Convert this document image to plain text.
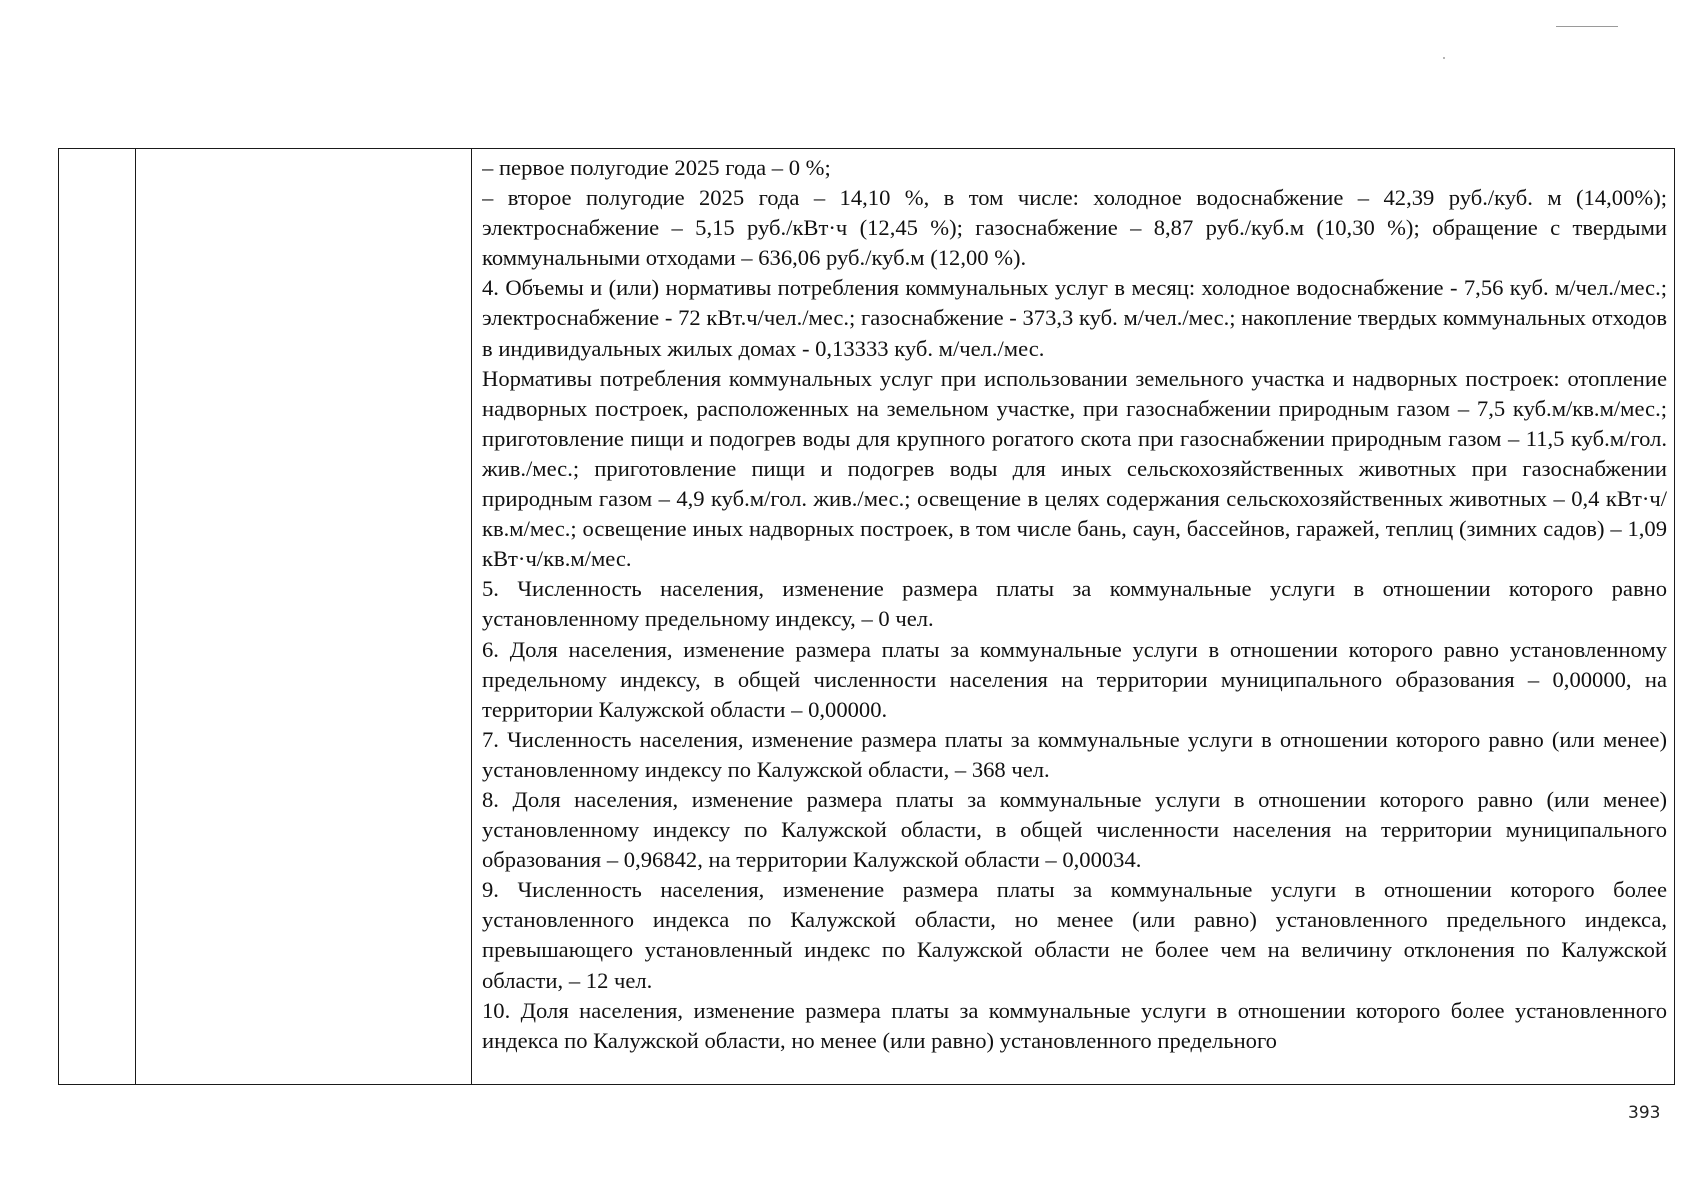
– первое полугодие 2025 года – 0 %;

– второе полугодие 2025 года – 14,10 %, в том числе: холодное водоснабжение – 42,39 руб./куб. м (14,00%); электроснабжение – 5,15 руб./кВт·ч (12,45 %); газоснабжение – 8,87 руб./куб.м (10,30 %); обращение с твердыми коммунальными отходами – 636,06 руб./куб.м (12,00 %).

4. Объемы и (или) нормативы потребления коммунальных услуг в месяц: холодное водоснабжение - 7,56 куб. м/чел./мес.; электроснабжение - 72 кВт.ч/чел./мес.; газоснабжение - 373,3 куб. м/чел./мес.; накопление твердых коммунальных отходов в индивидуальных жилых домах - 0,13333 куб. м/чел./мес.

Нормативы потребления коммунальных услуг при использовании земельного участка и надворных построек: отопление надворных построек, расположенных на земельном участке, при газоснабжении природным газом – 7,5 куб.м/кв.м/мес.; приготовление пищи и подогрев воды для крупного рогатого скота при газоснабжении природным газом – 11,5 куб.м/гол. жив./мес.; приготовление пищи и подогрев воды для иных сельскохозяйственных животных при газоснабжении природным газом – 4,9 куб.м/гол. жив./мес.; освещение в целях содержания сельскохозяйственных животных – 0,4 кВт·ч/кв.м/мес.; освещение иных надворных построек, в том числе бань, саун, бассейнов, гаражей, теплиц (зимних садов) – 1,09 кВт·ч/кв.м/мес.

5. Численность населения, изменение размера платы за коммунальные услуги в отношении которого равно установленному предельному индексу, – 0 чел.

6. Доля населения, изменение размера платы за коммунальные услуги в отношении которого равно установленному предельному индексу, в общей численности населения на территории муниципального образования – 0,00000, на территории Калужской области – 0,00000.

7. Численность населения, изменение размера платы за коммунальные услуги в отношении которого равно (или менее) установленному индексу по Калужской области, – 368 чел.

8. Доля населения, изменение размера платы за коммунальные услуги в отношении которого равно (или менее) установленному индексу по Калужской области, в общей численности населения на территории муниципального образования – 0,96842, на территории Калужской области – 0,00034.

9. Численность населения, изменение размера платы за коммунальные услуги в отношении которого более установленного индекса по Калужской области, но менее (или равно) установленного предельного индекса, превышающего установленный индекс по Калужской области не более чем на величину отклонения по Калужской области, – 12 чел.

10. Доля населения, изменение размера платы за коммунальные услуги в отношении которого более установленного индекса по Калужской области, но менее (или равно) установленного предельного

393
